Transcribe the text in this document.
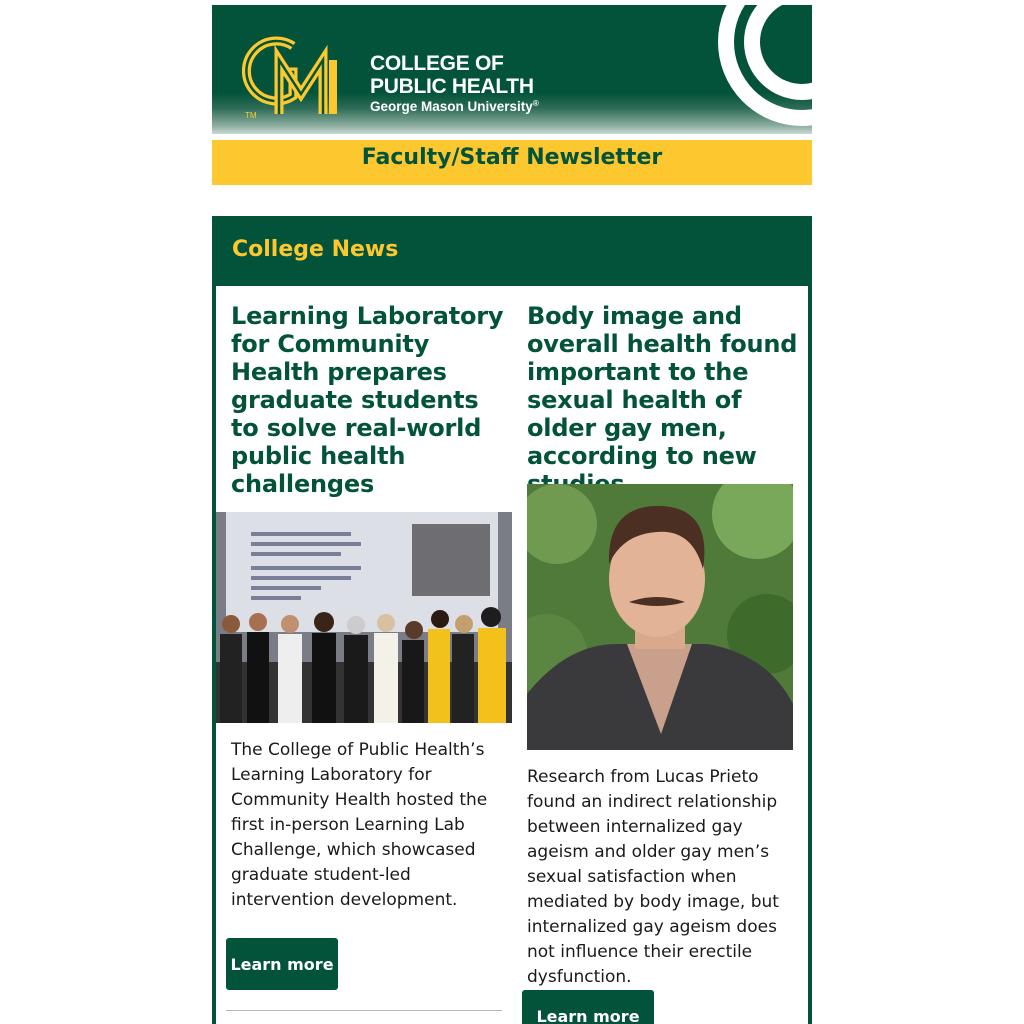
TM
COLLEGE OF
PUBLIC HEALTH
George Mason University®
Faculty/Staff Newsletter
College News
Learning Laboratory for Community Health prepares graduate students to solve real-world public health challenges
The College of Public Health’s Learning Laboratory for Community Health hosted the first in-person Learning Lab Challenge, which showcased graduate student-led intervention development.
Learn more
Body image and overall health found important to the sexual health of older gay men, according to new
Research from Lucas Prieto found an indirect relationship between internalized gay ageism and older gay men’s sexual satisfaction when mediated by body image, but internalized gay ageism does not influence their erectile dysfunction.
Learn more
